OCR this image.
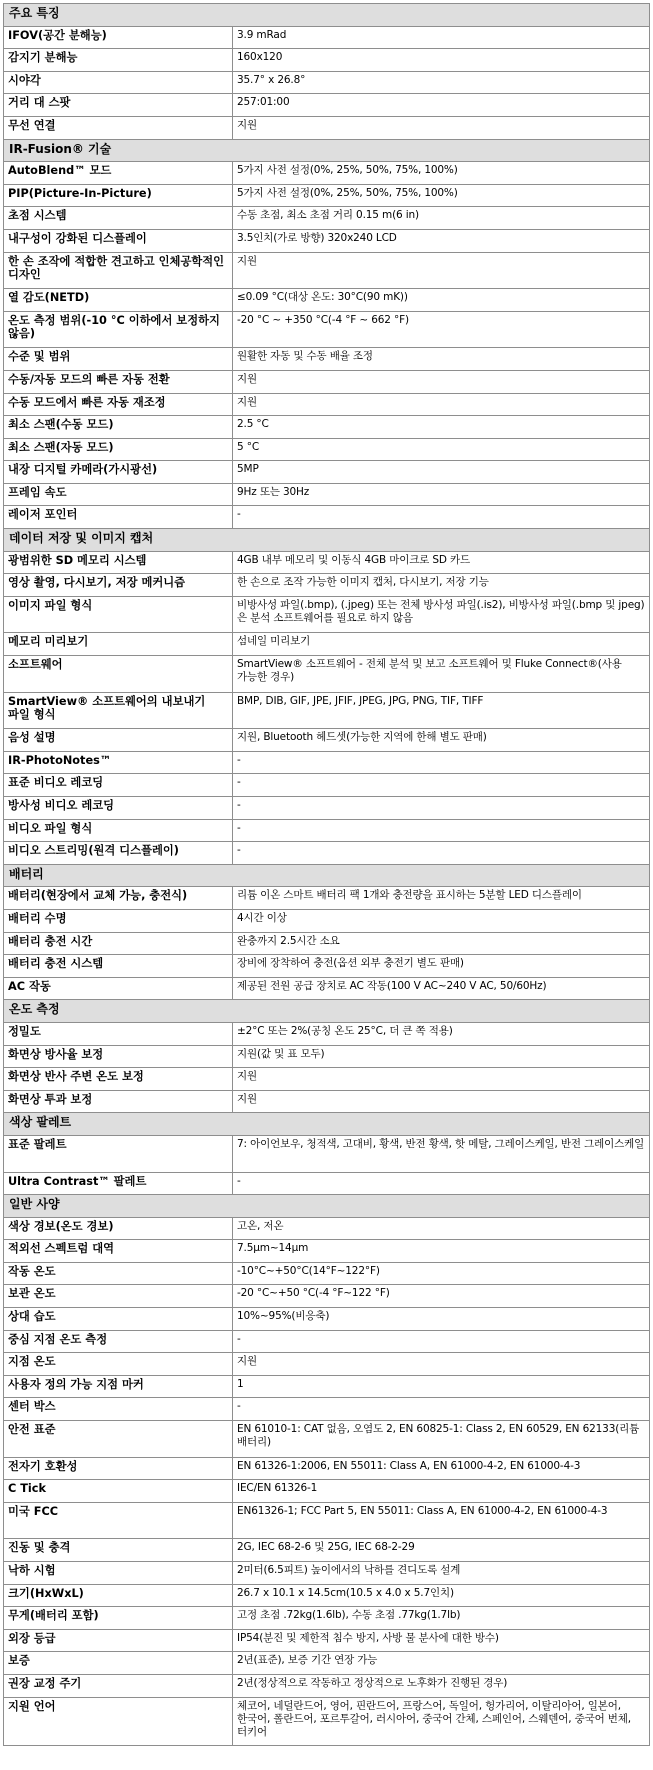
주요 특징	
IFOV(공간 분해능)	3.9 mRad
감지기 분해능	160x120
시야각	35.7° x 26.8°
거리 대 스팟	257:01:00
무선 연결	지원
IR-Fusion® 기술	
AutoBlend™ 모드	5가지 사전 설정(0%, 25%, 50%, 75%, 100%)
PIP(Picture-In-Picture)	5가지 사전 설정(0%, 25%, 50%, 75%, 100%)
초점 시스템	수동 초점, 최소 초점 거리 0.15 m(6 in)
내구성이 강화된 디스플레이	3.5인치(가로 방향) 320x240 LCD
한 손 조작에 적합한 견고하고 인체공학적인 디자인	지원
열 감도(NETD)	≤0.09 °C(대상 온도: 30°C(90 mK))
온도 측정 범위(-10 °C 이하에서 보정하지 않음)	-20 °C ~ +350 °C(-4 °F ~ 662 °F)
수준 및 범위	원활한 자동 및 수동 배율 조정
수동/자동 모드의 빠른 자동 전환	지원
수동 모드에서 빠른 자동 재조정	지원
최소 스팬(수동 모드)	2.5 °C
최소 스팬(자동 모드)	5 °C
내장 디지털 카메라(가시광선)	5MP
프레임 속도	9Hz 또는 30Hz
레이저 포인터	-
데이터 저장 및 이미지 캡처	
광범위한 SD 메모리 시스템	4GB 내부 메모리 및 이동식 4GB 마이크로 SD 카드
영상 촬영, 다시보기, 저장 메커니즘	한 손으로 조작 가능한 이미지 캡처, 다시보기, 저장 기능
이미지 파일 형식	비방사성 파일(.bmp), (.jpeg) 또는 전체 방사성 파일(.is2), 비방사성 파일(.bmp 및 jpeg)은 분석 소프트웨어를 필요로 하지 않음
메모리 미리보기	섬네일 미리보기
소프트웨어	SmartView® 소프트웨어 - 전체 분석 및 보고 소프트웨어 및 Fluke Connect®(사용 가능한 경우)
SmartView® 소프트웨어의 내보내기 파일 형식	BMP, DIB, GIF, JPE, JFIF, JPEG, JPG, PNG, TIF, TIFF
음성 설명	지원, Bluetooth 헤드셋(가능한 지역에 한해 별도 판매)
IR-PhotoNotes™	-
표준 비디오 레코딩	-
방사성 비디오 레코딩	-
비디오 파일 형식	-
비디오 스트리밍(원격 디스플레이)	-
배터리	
배터리(현장에서 교체 가능, 충전식)	리튬 이온 스마트 배터리 팩 1개와 충전량을 표시하는 5분할 LED 디스플레이
배터리 수명	4시간 이상
배터리 충전 시간	완충까지 2.5시간 소요
배터리 충전 시스템	장비에 장착하여 충전(옵션 외부 충전기 별도 판매)
AC 작동	제공된 전원 공급 장치로 AC 작동(100 V AC~240 V AC, 50/60Hz)
온도 측정	
정밀도	±2°C 또는 2%(공칭 온도 25°C, 더 큰 쪽 적용)
화면상 방사율 보정	지원(값 및 표 모두)
화면상 반사 주변 온도 보정	지원
화면상 투과 보정	지원
색상 팔레트	
표준 팔레트	7: 아이언보우, 청적색, 고대비, 황색, 반전 황색, 핫 메탈, 그레이스케일, 반전 그레이스케일
Ultra Contrast™ 팔레트	-
일반 사양	
색상 경보(온도 경보)	고온, 저온
적외선 스펙트럼 대역	7.5μm~14μm
작동 온도	-10°C~+50°C(14°F~122°F)
보관 온도	-20 °C~+50 °C(-4 °F~122 °F)
상대 습도	10%~95%(비응축)
중심 지점 온도 측정	-
지점 온도	지원
사용자 정의 가능 지점 마커	1
센터 박스	-
안전 표준	EN 61010-1: CAT 없음, 오염도 2, EN 60825-1: Class 2, EN 60529, EN 62133(리튬 배터리)
전자기 호환성	EN 61326-1:2006, EN 55011: Class A, EN 61000-4-2, EN 61000-4-3
C Tick	IEC/EN 61326-1
미국 FCC	EN61326-1; FCC Part 5, EN 55011: Class A, EN 61000-4-2, EN 61000-4-3
진동 및 충격	2G, IEC 68-2-6 및 25G, IEC 68-2-29
낙하 시험	2미터(6.5피트) 높이에서의 낙하를 견디도록 설계
크기(HxWxL)	26.7 x 10.1 x 14.5cm(10.5 x 4.0 x 5.7인치)
무게(배터리 포함)	고정 초점 .72kg(1.6lb), 수동 초점 .77kg(1.7lb)
외장 등급	IP54(분진 및 제한적 침수 방지, 사방 물 분사에 대한 방수)
보증	2년(표준), 보증 기간 연장 가능
권장 교정 주기	2년(정상적으로 작동하고 정상적으로 노후화가 진행된 경우)
지원 언어	체코어, 네덜란드어, 영어, 핀란드어, 프랑스어, 독일어, 헝가리어, 이탈리아어, 일본어, 한국어, 폴란드어, 포르투갈어, 러시아어, 중국어 간체, 스페인어, 스웨덴어, 중국어 번체, 터키어
